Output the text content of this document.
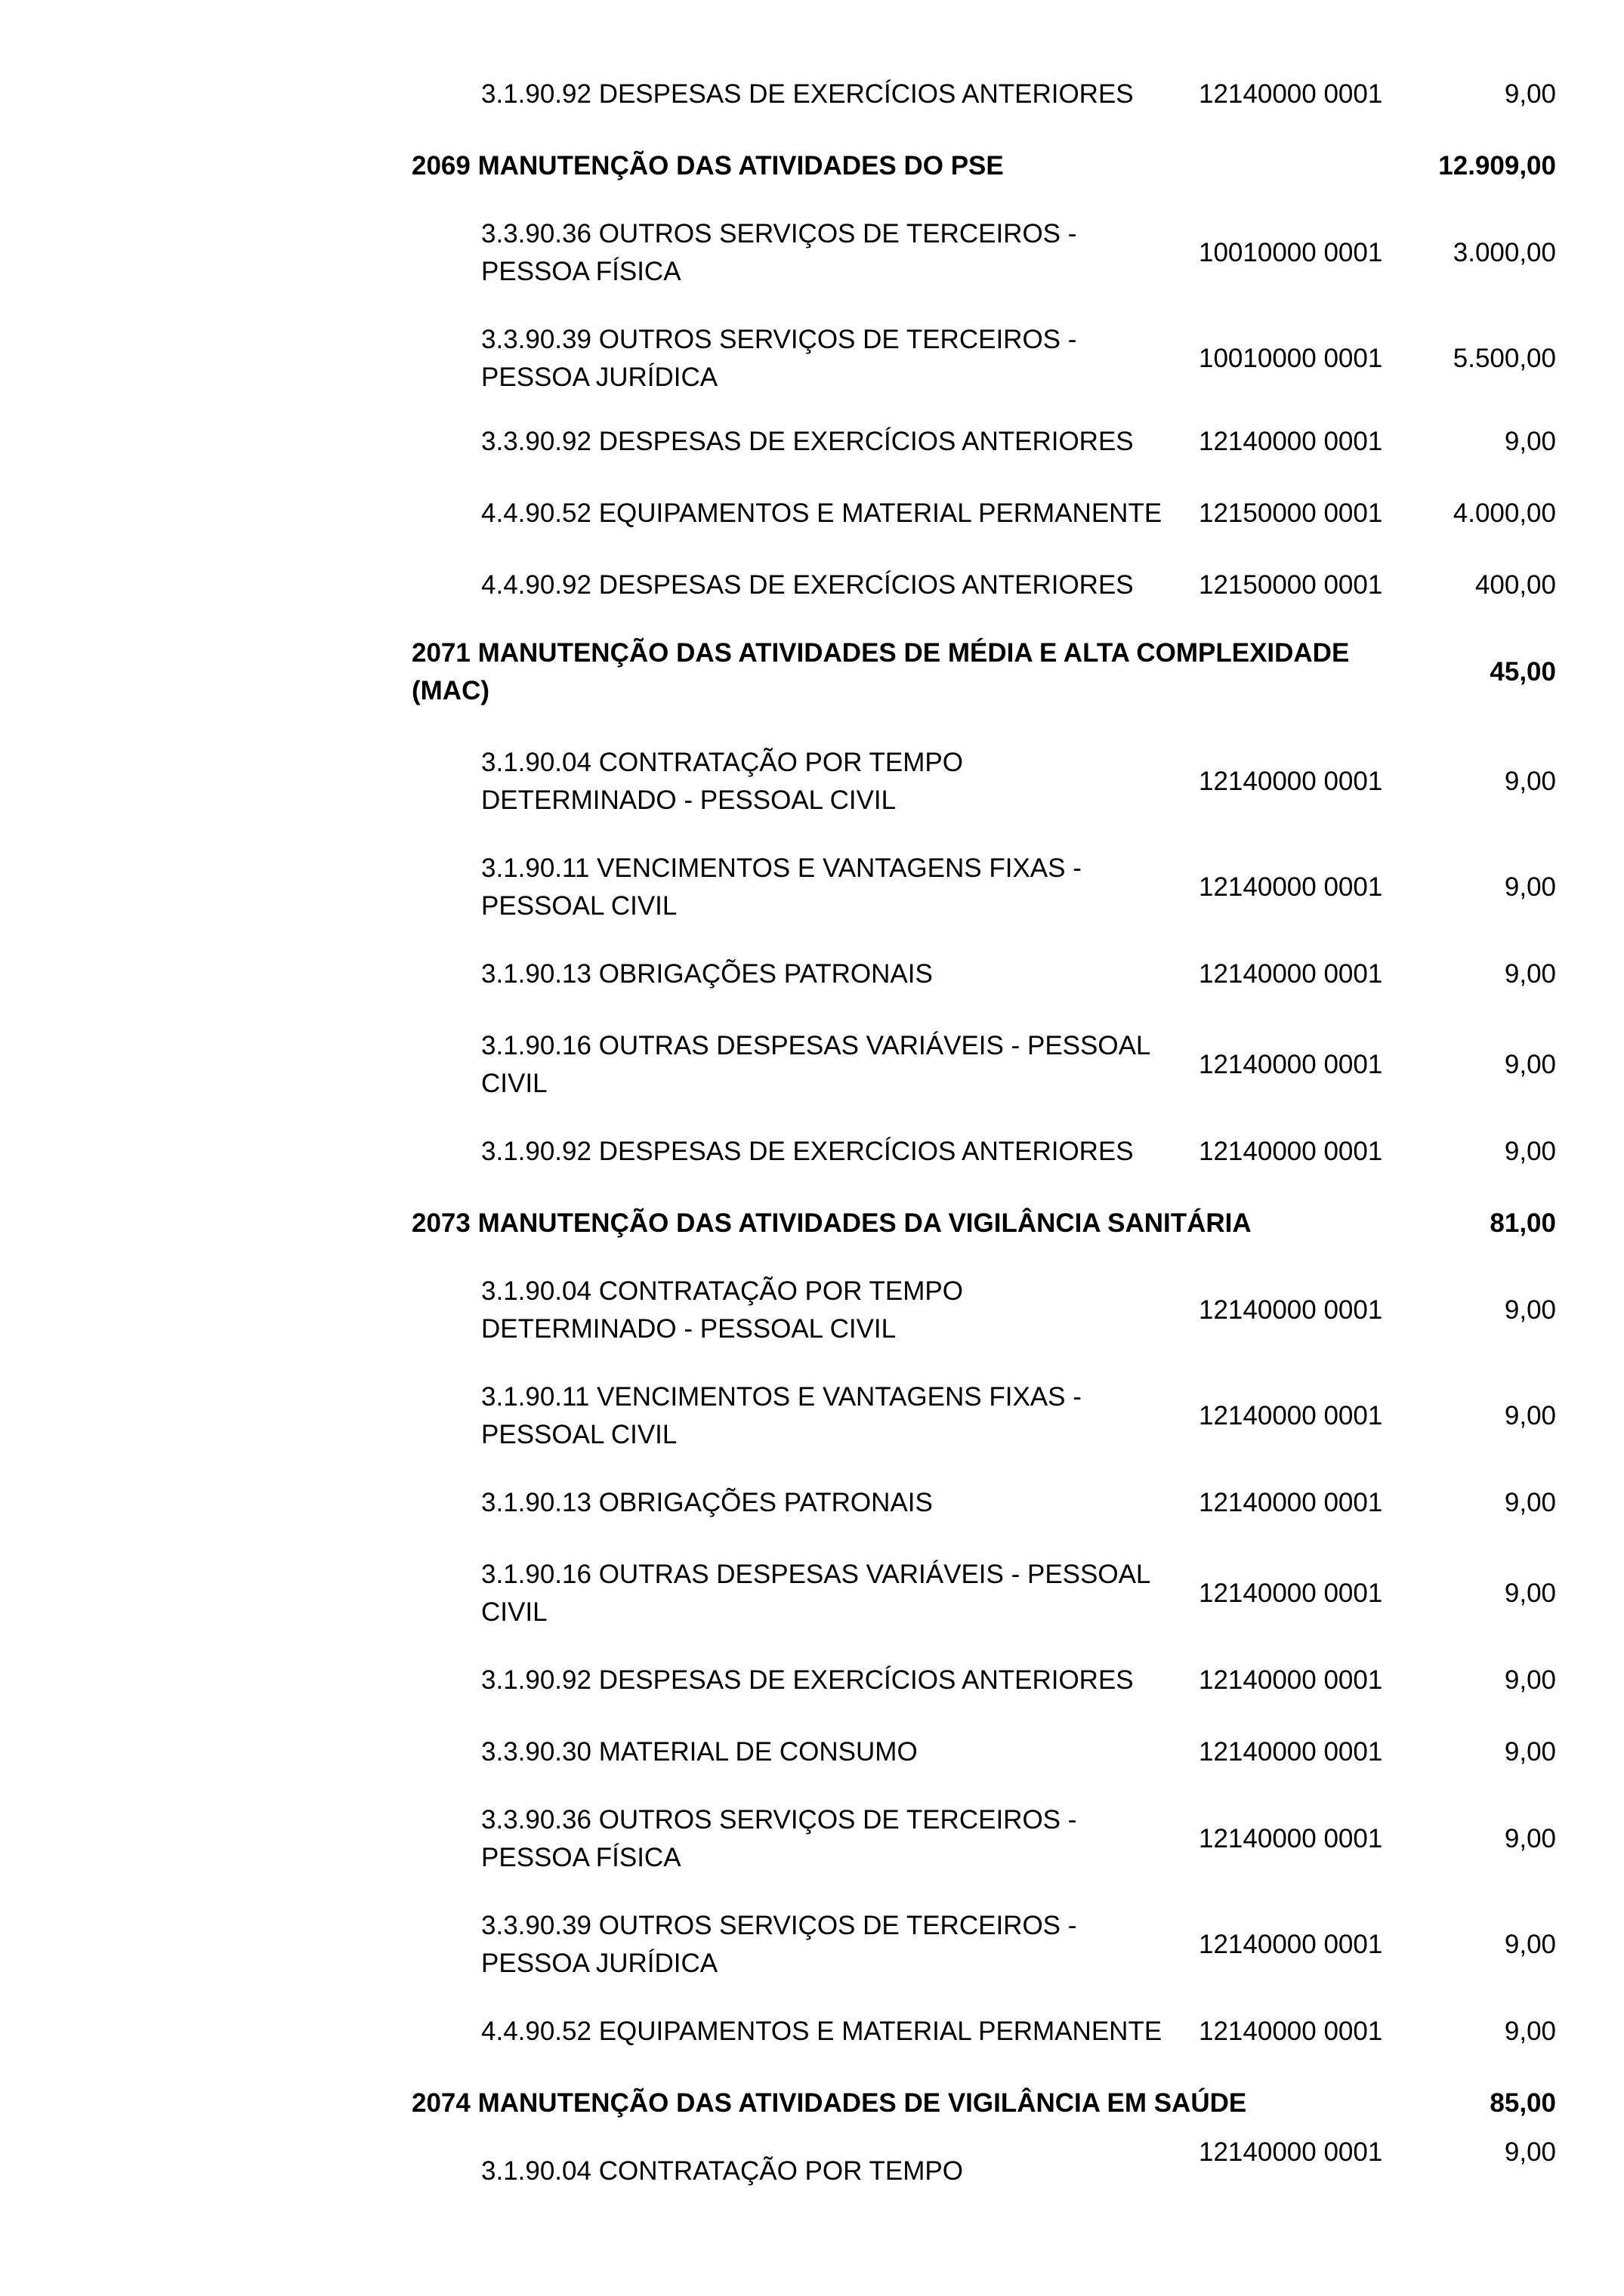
3.1.90.92 DESPESAS DE EXERCÍCIOS ANTERIORES	12140000 0001	9,00
2069 MANUTENÇÃO DAS ATIVIDADES DO PSE	12.909,00
3.3.90.36 OUTROS SERVIÇOS DE TERCEIROS -
PESSOA FÍSICA
10010000 0001	3.000,00
3.3.90.39 OUTROS SERVIÇOS DE TERCEIROS -
PESSOA JURÍDICA
10010000 0001	5.500,00
3.3.90.92 DESPESAS DE EXERCÍCIOS ANTERIORES	12140000 0001	9,00
4.4.90.52 EQUIPAMENTOS E MATERIAL PERMANENTE	12150000 0001	4.000,00
4.4.90.92 DESPESAS DE EXERCÍCIOS ANTERIORES	12150000 0001	400,00
2071 MANUTENÇÃO DAS ATIVIDADES DE MÉDIA E ALTA COMPLEXIDADE
(MAC)
45,00
3.1.90.04 CONTRATAÇÃO POR TEMPO
DETERMINADO - PESSOAL CIVIL
12140000 0001	9,00
3.1.90.11 VENCIMENTOS E VANTAGENS FIXAS -
PESSOAL CIVIL
12140000 0001	9,00
3.1.90.13 OBRIGAÇÕES PATRONAIS	12140000 0001	9,00
3.1.90.16 OUTRAS DESPESAS VARIÁVEIS - PESSOAL
CIVIL
12140000 0001	9,00
3.1.90.92 DESPESAS DE EXERCÍCIOS ANTERIORES	12140000 0001	9,00
2073 MANUTENÇÃO DAS ATIVIDADES DA VIGILÂNCIA SANITÁRIA	81,00
3.1.90.04 CONTRATAÇÃO POR TEMPO
DETERMINADO - PESSOAL CIVIL
12140000 0001	9,00
3.1.90.11 VENCIMENTOS E VANTAGENS FIXAS -
PESSOAL CIVIL
12140000 0001	9,00
3.1.90.13 OBRIGAÇÕES PATRONAIS	12140000 0001	9,00
3.1.90.16 OUTRAS DESPESAS VARIÁVEIS - PESSOAL
CIVIL
12140000 0001	9,00
3.1.90.92 DESPESAS DE EXERCÍCIOS ANTERIORES	12140000 0001	9,00
3.3.90.30 MATERIAL DE CONSUMO	12140000 0001	9,00
3.3.90.36 OUTROS SERVIÇOS DE TERCEIROS -
PESSOA FÍSICA
12140000 0001	9,00
3.3.90.39 OUTROS SERVIÇOS DE TERCEIROS -
PESSOA JURÍDICA
12140000 0001	9,00
4.4.90.52 EQUIPAMENTOS E MATERIAL PERMANENTE	12140000 0001	9,00
2074 MANUTENÇÃO DAS ATIVIDADES DE VIGILÂNCIA EM SAÚDE	85,00
3.1.90.04 CONTRATAÇÃO POR TEMPO
12140000 0001	9,00
